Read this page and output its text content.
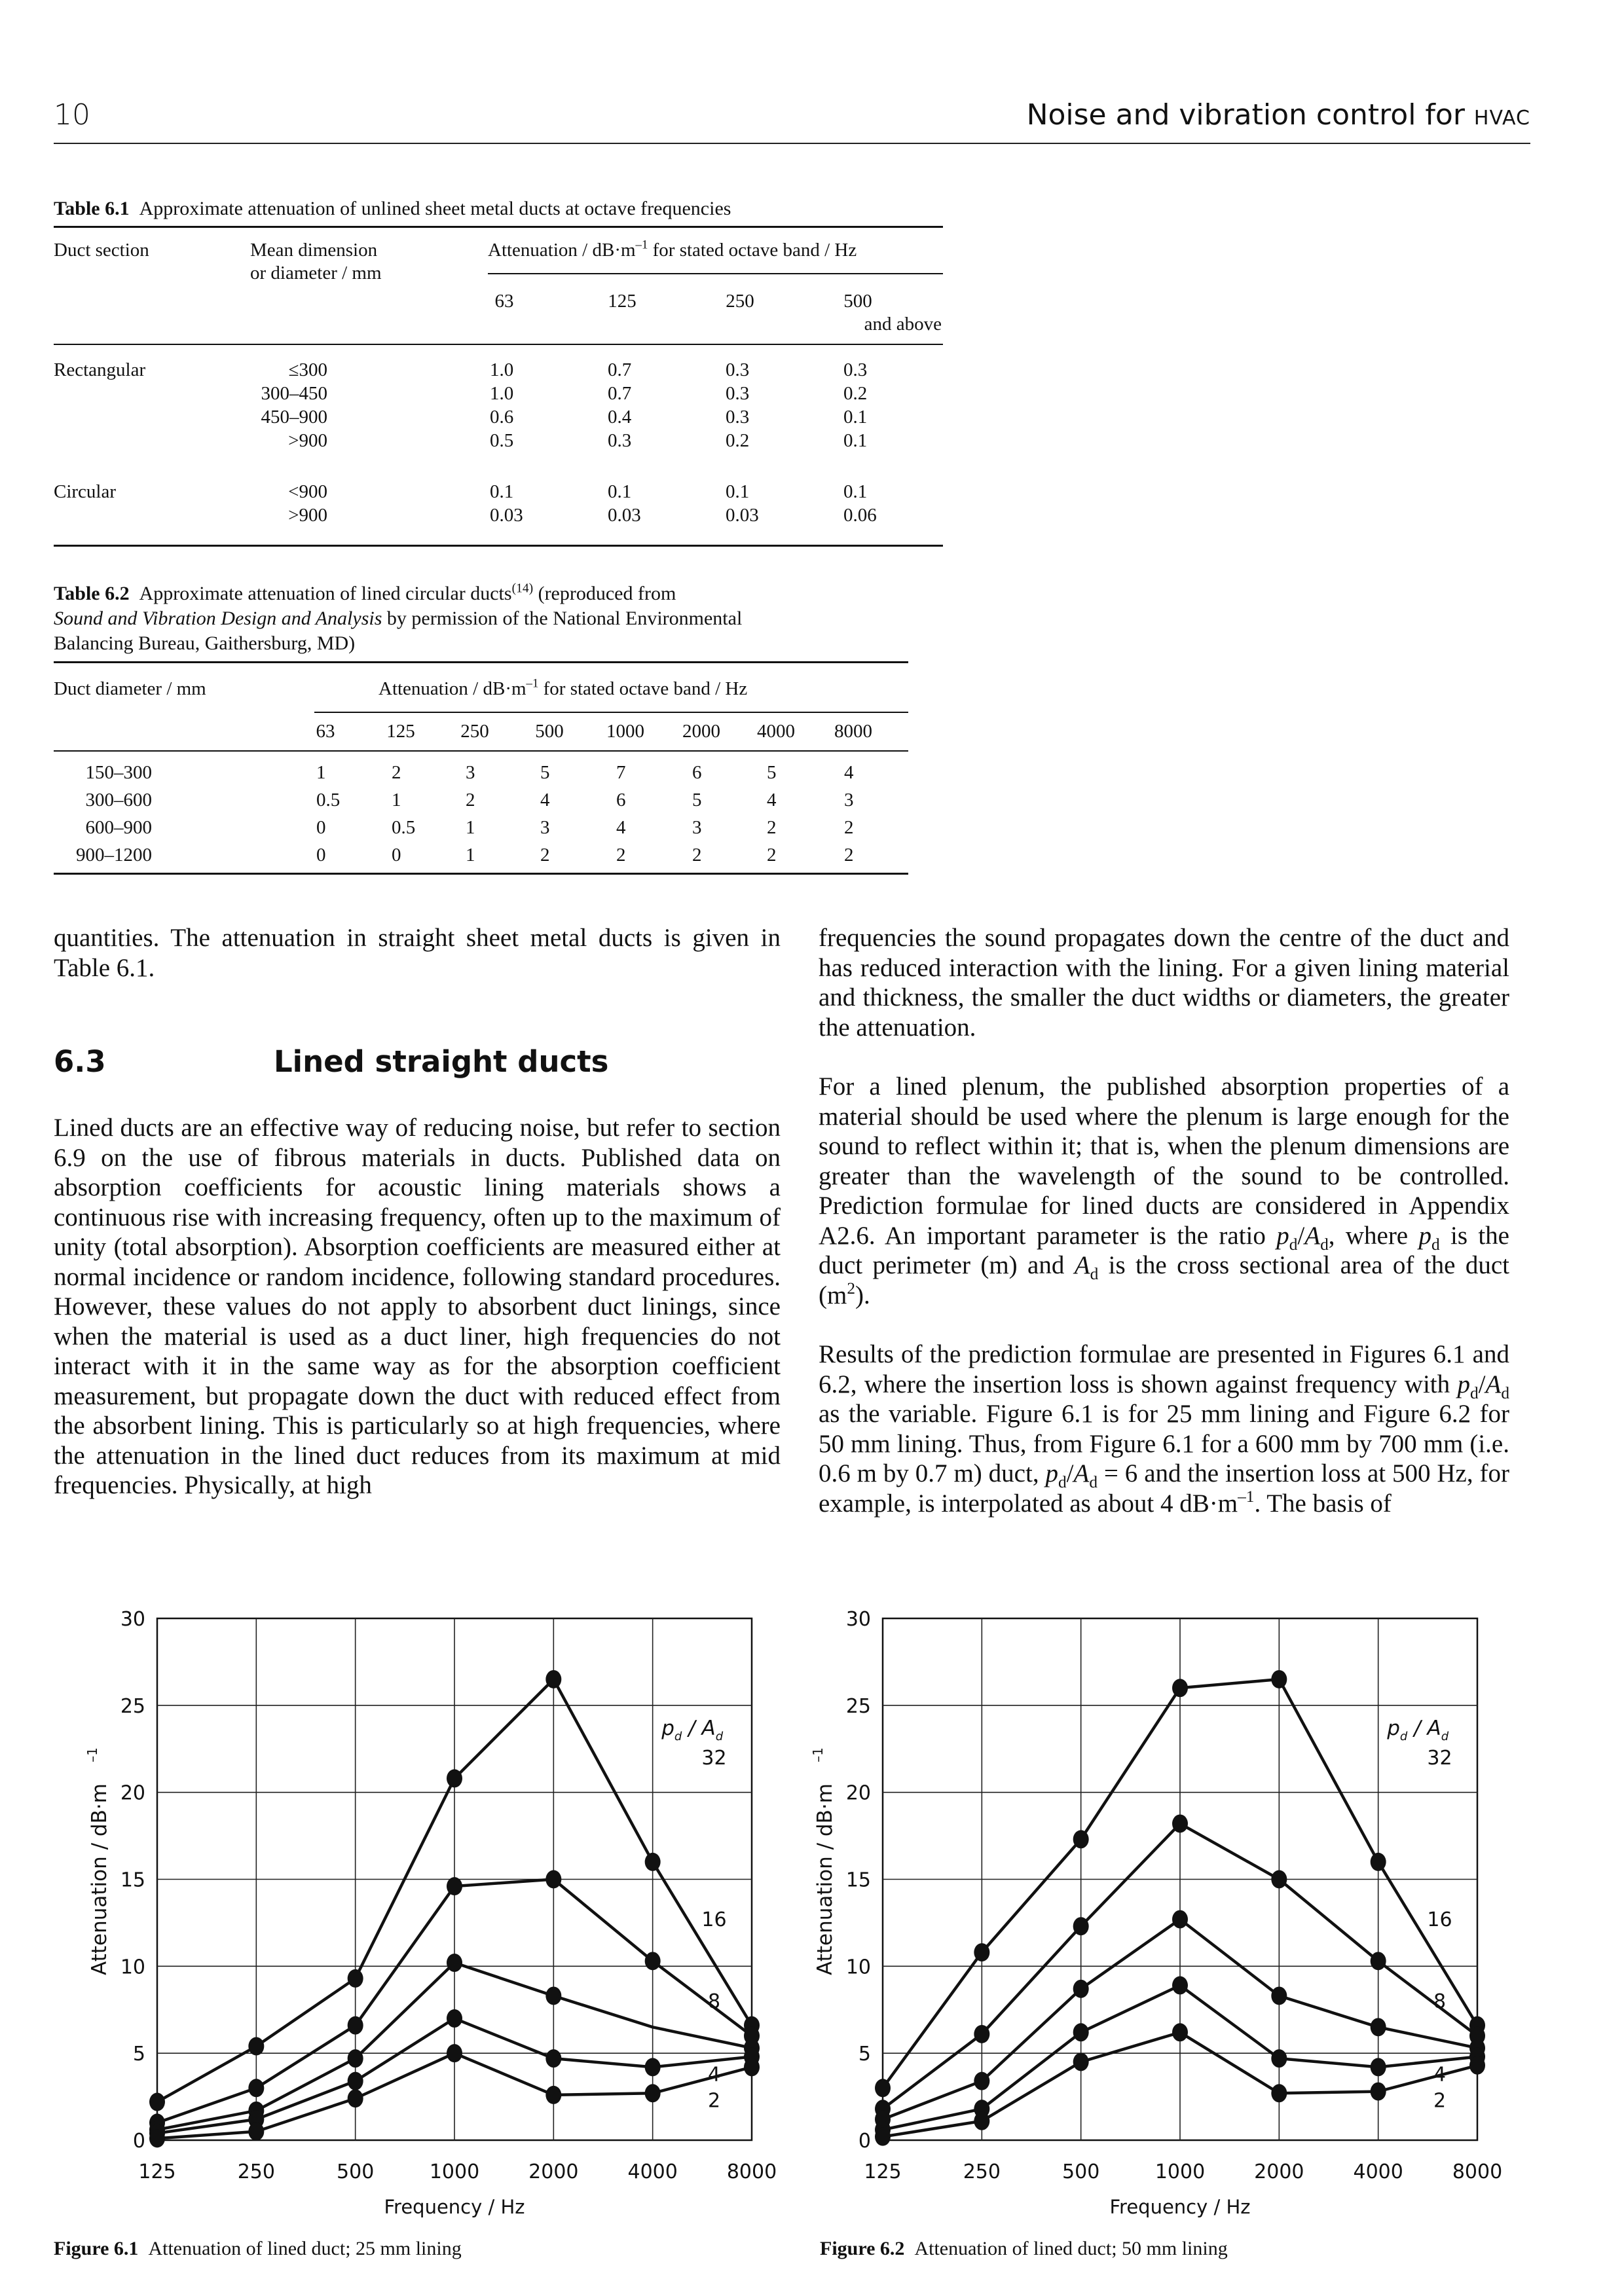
10	Noise and vibration control for HVAC
Table 6.1 Approximate attenuation of unlined sheet metal ducts at octave frequencies
Duct section	Mean dimension
or diameter / mm
Attenuation / $dB\cdot m^{-1}$ for stated octave band / Hz
63	125	250	500
and above
Rectangular	≤300	1.0	0.7	0.3	0.3
300–450	1.0	0.7	0.3	0.2
450–900	0.6	0.4	0.3	0.1
>900	0.5	0.3	0.2	0.1
Circular	<900	0.1	0.1	0.1	0.1
>900	0.03	0.03	0.03	0.06
Table 6.2 Approximate attenuation of lined circular ducts$^{(14)}$ (reproduced from
Sound and Vibration Design and Analysis by permission of the National Environmental
Balancing Bureau, Gaithersburg, MD)
Duct diameter / mm	Attenuation / $dB\cdot m^{-1}$ for stated octave band / Hz
63	125	250	500	1000	2000	4000	8000
150–300	1	2	3	5	7	6	5	4
300–600	0.5	1	2	4	6	5	4	3
600–900	0	0.5	1	3	4	3	2	2
900–1200	0	0	1	2	2	2	2	2

quantities. The attenuation in straight sheet metal ducts is given in Table 6.1.

6.3	Lined straight ducts

Lined ducts are an effective way of reducing noise, but refer to section 6.9 on the use of fibrous materials in ducts. Published data on absorption coefficients for acoustic lining materials shows a continuous rise with increasing frequency, often up to the maximum of unity (total absorption). Absorption coefficients are measured either at normal incidence or random incidence, following standard procedures. However, these values do not apply to absorbent duct linings, since when the material is used as a duct liner, high frequencies do not interact with it in the same way as for the absorption coefficient measurement, but propagate down the duct with reduced effect from the absorbent lining. This is particularly so at high frequencies, where the attenuation in the lined duct reduces from its maximum at mid frequencies. Physically, at high

frequencies the sound propagates down the centre of the duct and has reduced interaction with the lining. For a given lining material and thickness, the smaller the duct widths or diameters, the greater the attenuation.

For a lined plenum, the published absorption properties of a material should be used where the plenum is large enough for the sound to reflect within it; that is, when the plenum dimensions are greater than the wavelength of the sound to be controlled. Prediction formulae for lined ducts are considered in Appendix A2.6. An important parameter is the ratio $p_d/A_d$, where $p_d$ is the duct perimeter (m) and $A_d$ is the cross sectional area of the duct $(m^2)$.

Results of the prediction formulae are presented in Figures 6.1 and 6.2, where the insertion loss is shown against frequency with $p_d/A_d$ as the variable. Figure 6.1 is for 25 mm lining and Figure 6.2 for 50 mm lining. Thus, from Figure 6.1 for a 600 mm by 700 mm (i.e. 0.6 m by 0.7 m) duct, $p_d/A_d = 6$ and the insertion loss at 500 Hz, for example, is interpolated as about 4 $dB\cdot m^{-1}$. The basis of

0
5
10
15
20
25
30
125	250	500	1000 2000 4000 8000
Frequency / Hz
Attenuation / dB·m
–1
$p_d / A_d$
32
16
8
4
2
0
5
10
15
20
25
30
125	250	500	1000 2000 4000 8000
Frequency / Hz
Attenuation / dB·m
–1
$p_d / A_d$
32
16
8
4
2
Figure 6.1 Attenuation of lined duct; 25 mm lining	Figure 6.2 Attenuation of lined duct; 50 mm lining
